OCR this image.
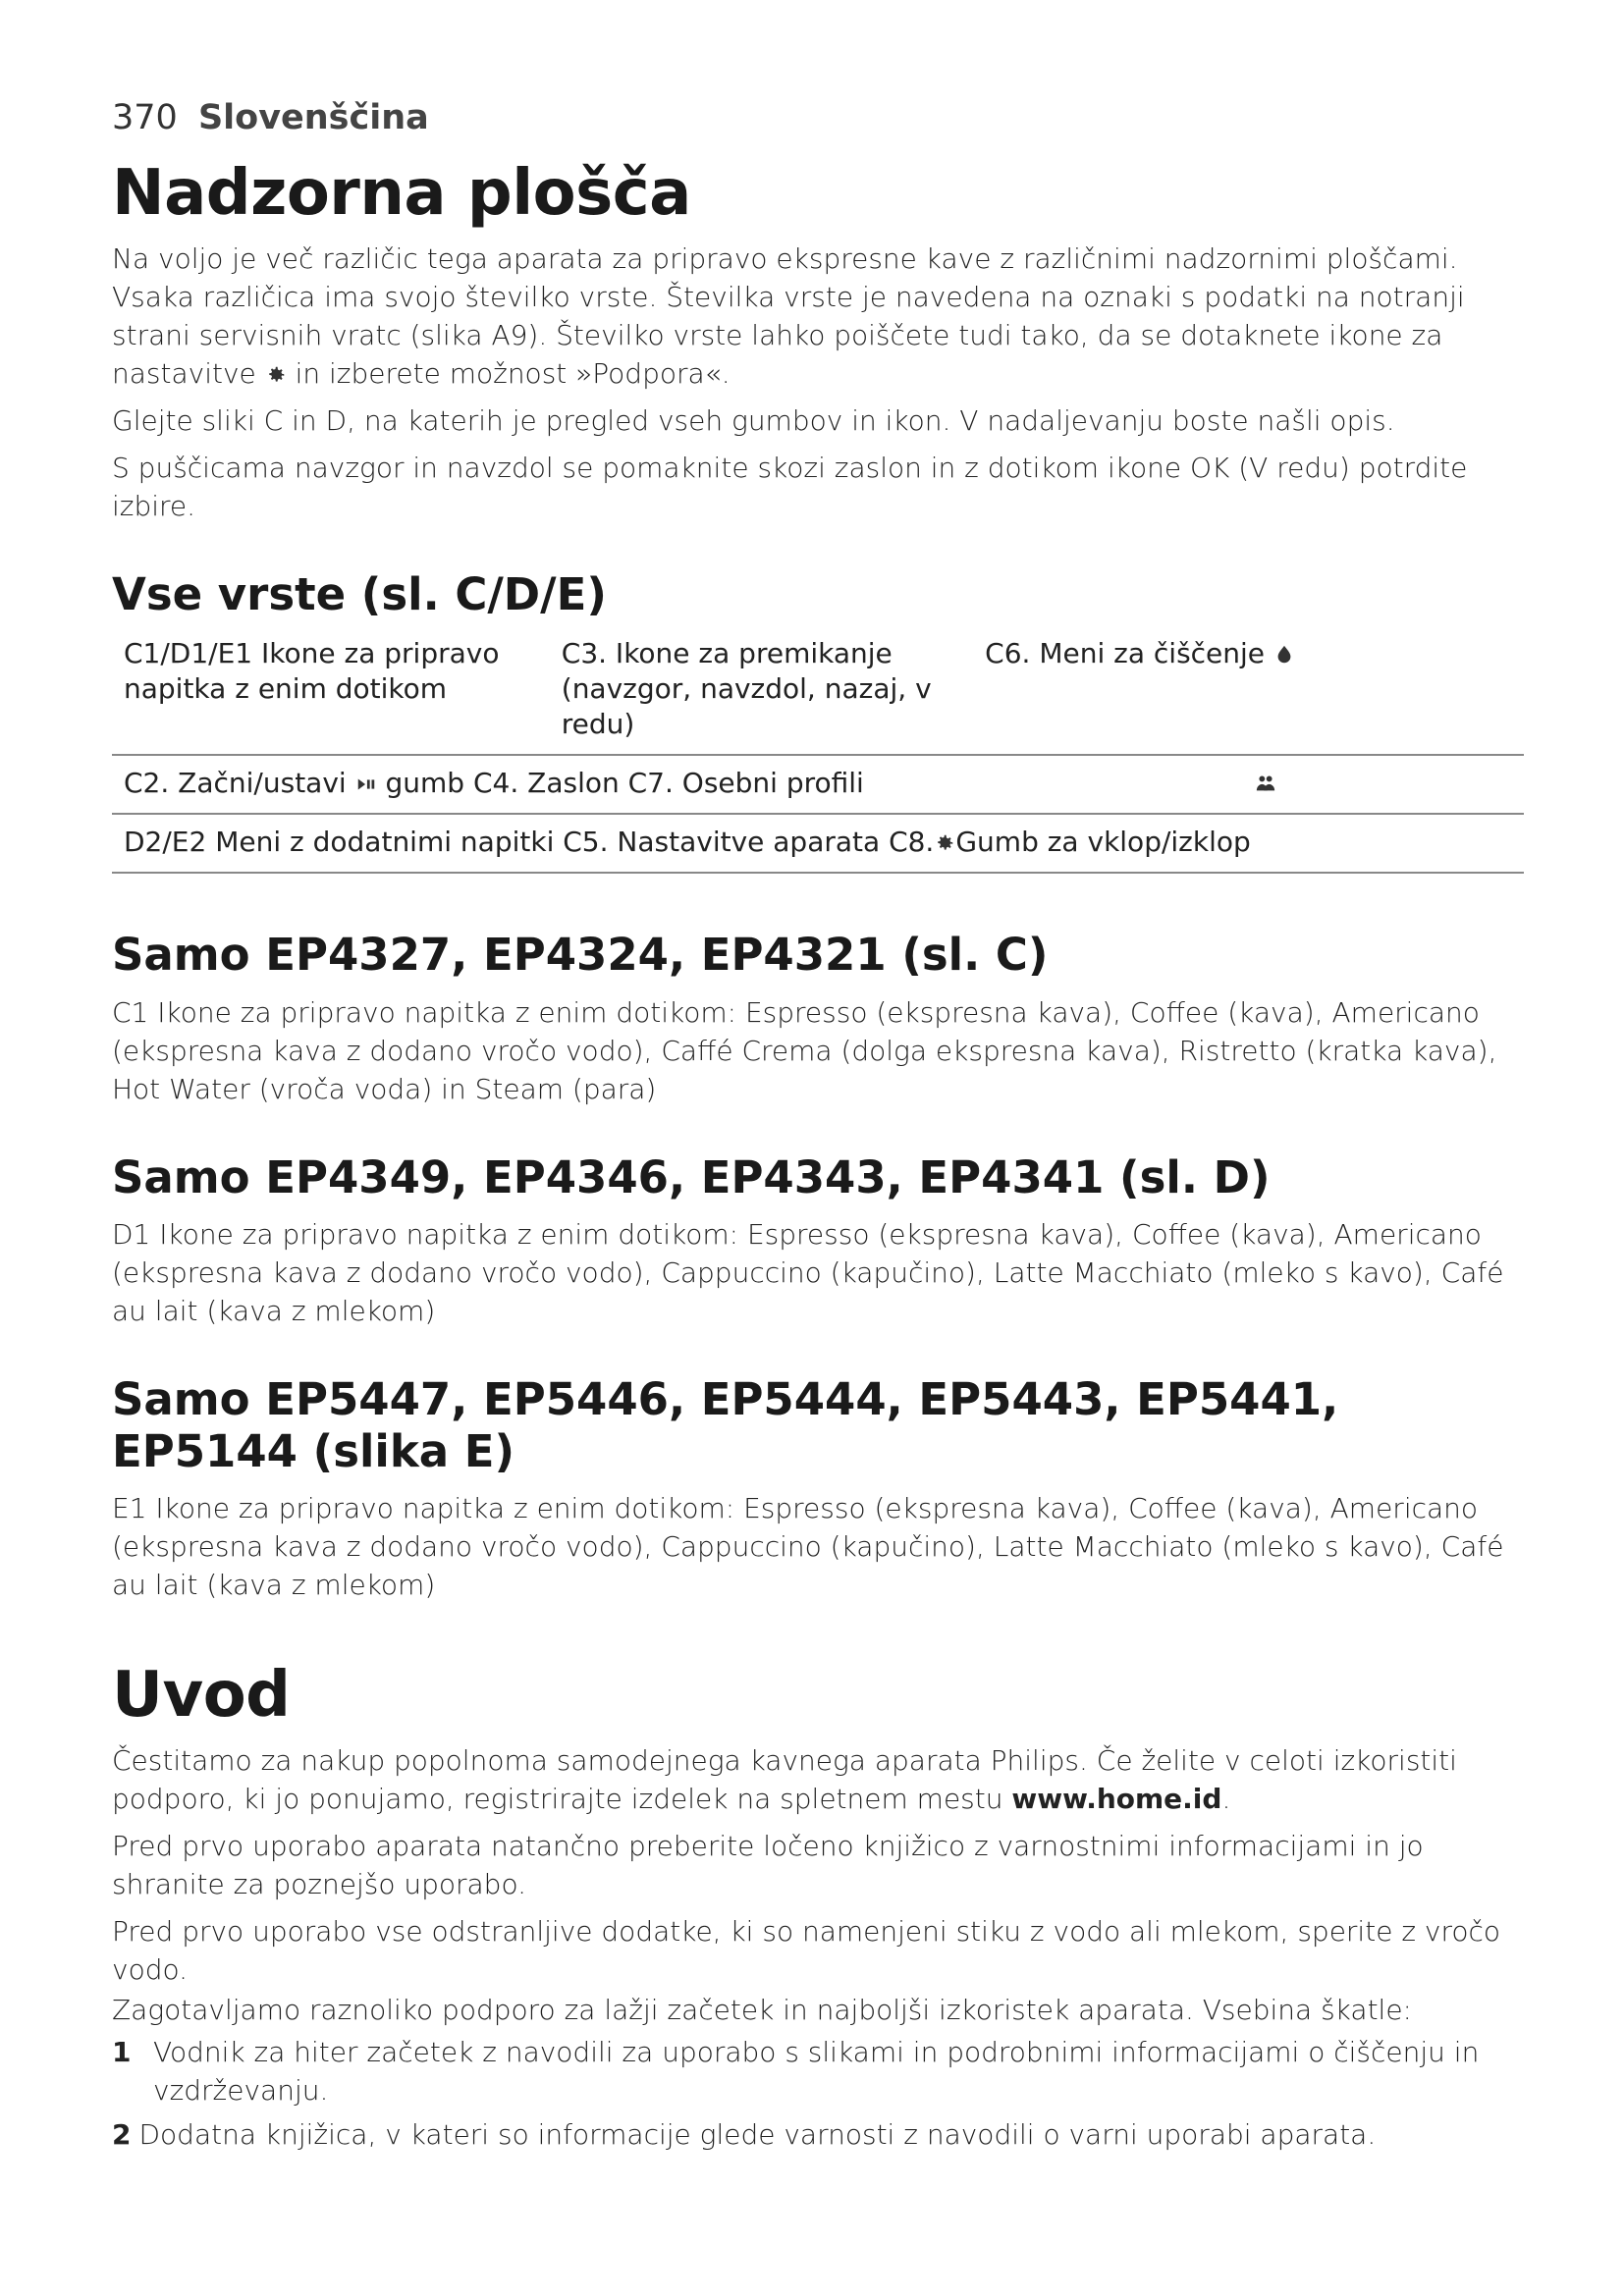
370 Slovenščina
Nadzorna plošča

Na voljo je več različic tega aparata za pripravo ekspresne kave z različnimi nadzornimi ploščami. Vsaka različica ima svojo številko vrste. Številka vrste je navedena na oznaki s podatki na notranji strani servisnih vratc (slika A9). Številko vrste lahko poiščete tudi tako, da se dotaknete ikone za nastavitve in izberete možnost »Podpora«.

Glejte sliki C in D, na katerih je pregled vseh gumbov in ikon. V nadaljevanju boste našli opis.

S puščicama navzgor in navzdol se pomaknite skozi zaslon in z dotikom ikone OK (V redu) potrdite izbire.

Vse vrste (sl. C/D/E)
C1/D1/E1 Ikone za pripravo napitka z enim dotikom	C3. Ikone za premikanje (navzgor, navzdol, nazaj, v redu)	C6. Meni za čiščenje

C2. Začni/ustavi gumb C4. Zaslon C7. Osebni profili

D2/E2 Meni z dodatnimi napitki C5. Nastavitve aparata C8. Gumb za vklop/izklop
Samo EP4327, EP4324, EP4321 (sl. C)

C1 Ikone za pripravo napitka z enim dotikom: Espresso (ekspresna kava), Coffee (kava), Americano (ekspresna kava z dodano vročo vodo), Caffé Crema (dolga ekspresna kava), Ristretto (kratka kava), Hot Water (vroča voda) in Steam (para)

Samo EP4349, EP4346, EP4343, EP4341 (sl. D)

D1 Ikone za pripravo napitka z enim dotikom: Espresso (ekspresna kava), Coffee (kava), Americano (ekspresna kava z dodano vročo vodo), Cappuccino (kapučino), Latte Macchiato (mleko s kavo), Café au lait (kava z mlekom)

Samo EP5447, EP5446, EP5444, EP5443, EP5441, EP5144 (slika E)

E1 Ikone za pripravo napitka z enim dotikom: Espresso (ekspresna kava), Coffee (kava), Americano (ekspresna kava z dodano vročo vodo), Cappuccino (kapučino), Latte Macchiato (mleko s kavo), Café au lait (kava z mlekom)

Uvod

Čestitamo za nakup popolnoma samodejnega kavnega aparata Philips. Če želite v celoti izkoristiti podporo, ki jo ponujamo, registrirajte izdelek na spletnem mestu www.home.id.

Pred prvo uporabo aparata natančno preberite ločeno knjižico z varnostnimi informacijami in jo shranite za poznejšo uporabo.

Pred prvo uporabo vse odstranljive dodatke, ki so namenjeni stiku z vodo ali mlekom, sperite z vročo vodo.

Zagotavljamo raznoliko podporo za lažji začetek in najboljši izkoristek aparata. Vsebina škatle:

1 Vodnik za hiter začetek z navodili za uporabo s slikami in podrobnimi informacijami o čiščenju in vzdrževanju.
2 Dodatna knjižica, v kateri so informacije glede varnosti z navodili o varni uporabi aparata.
